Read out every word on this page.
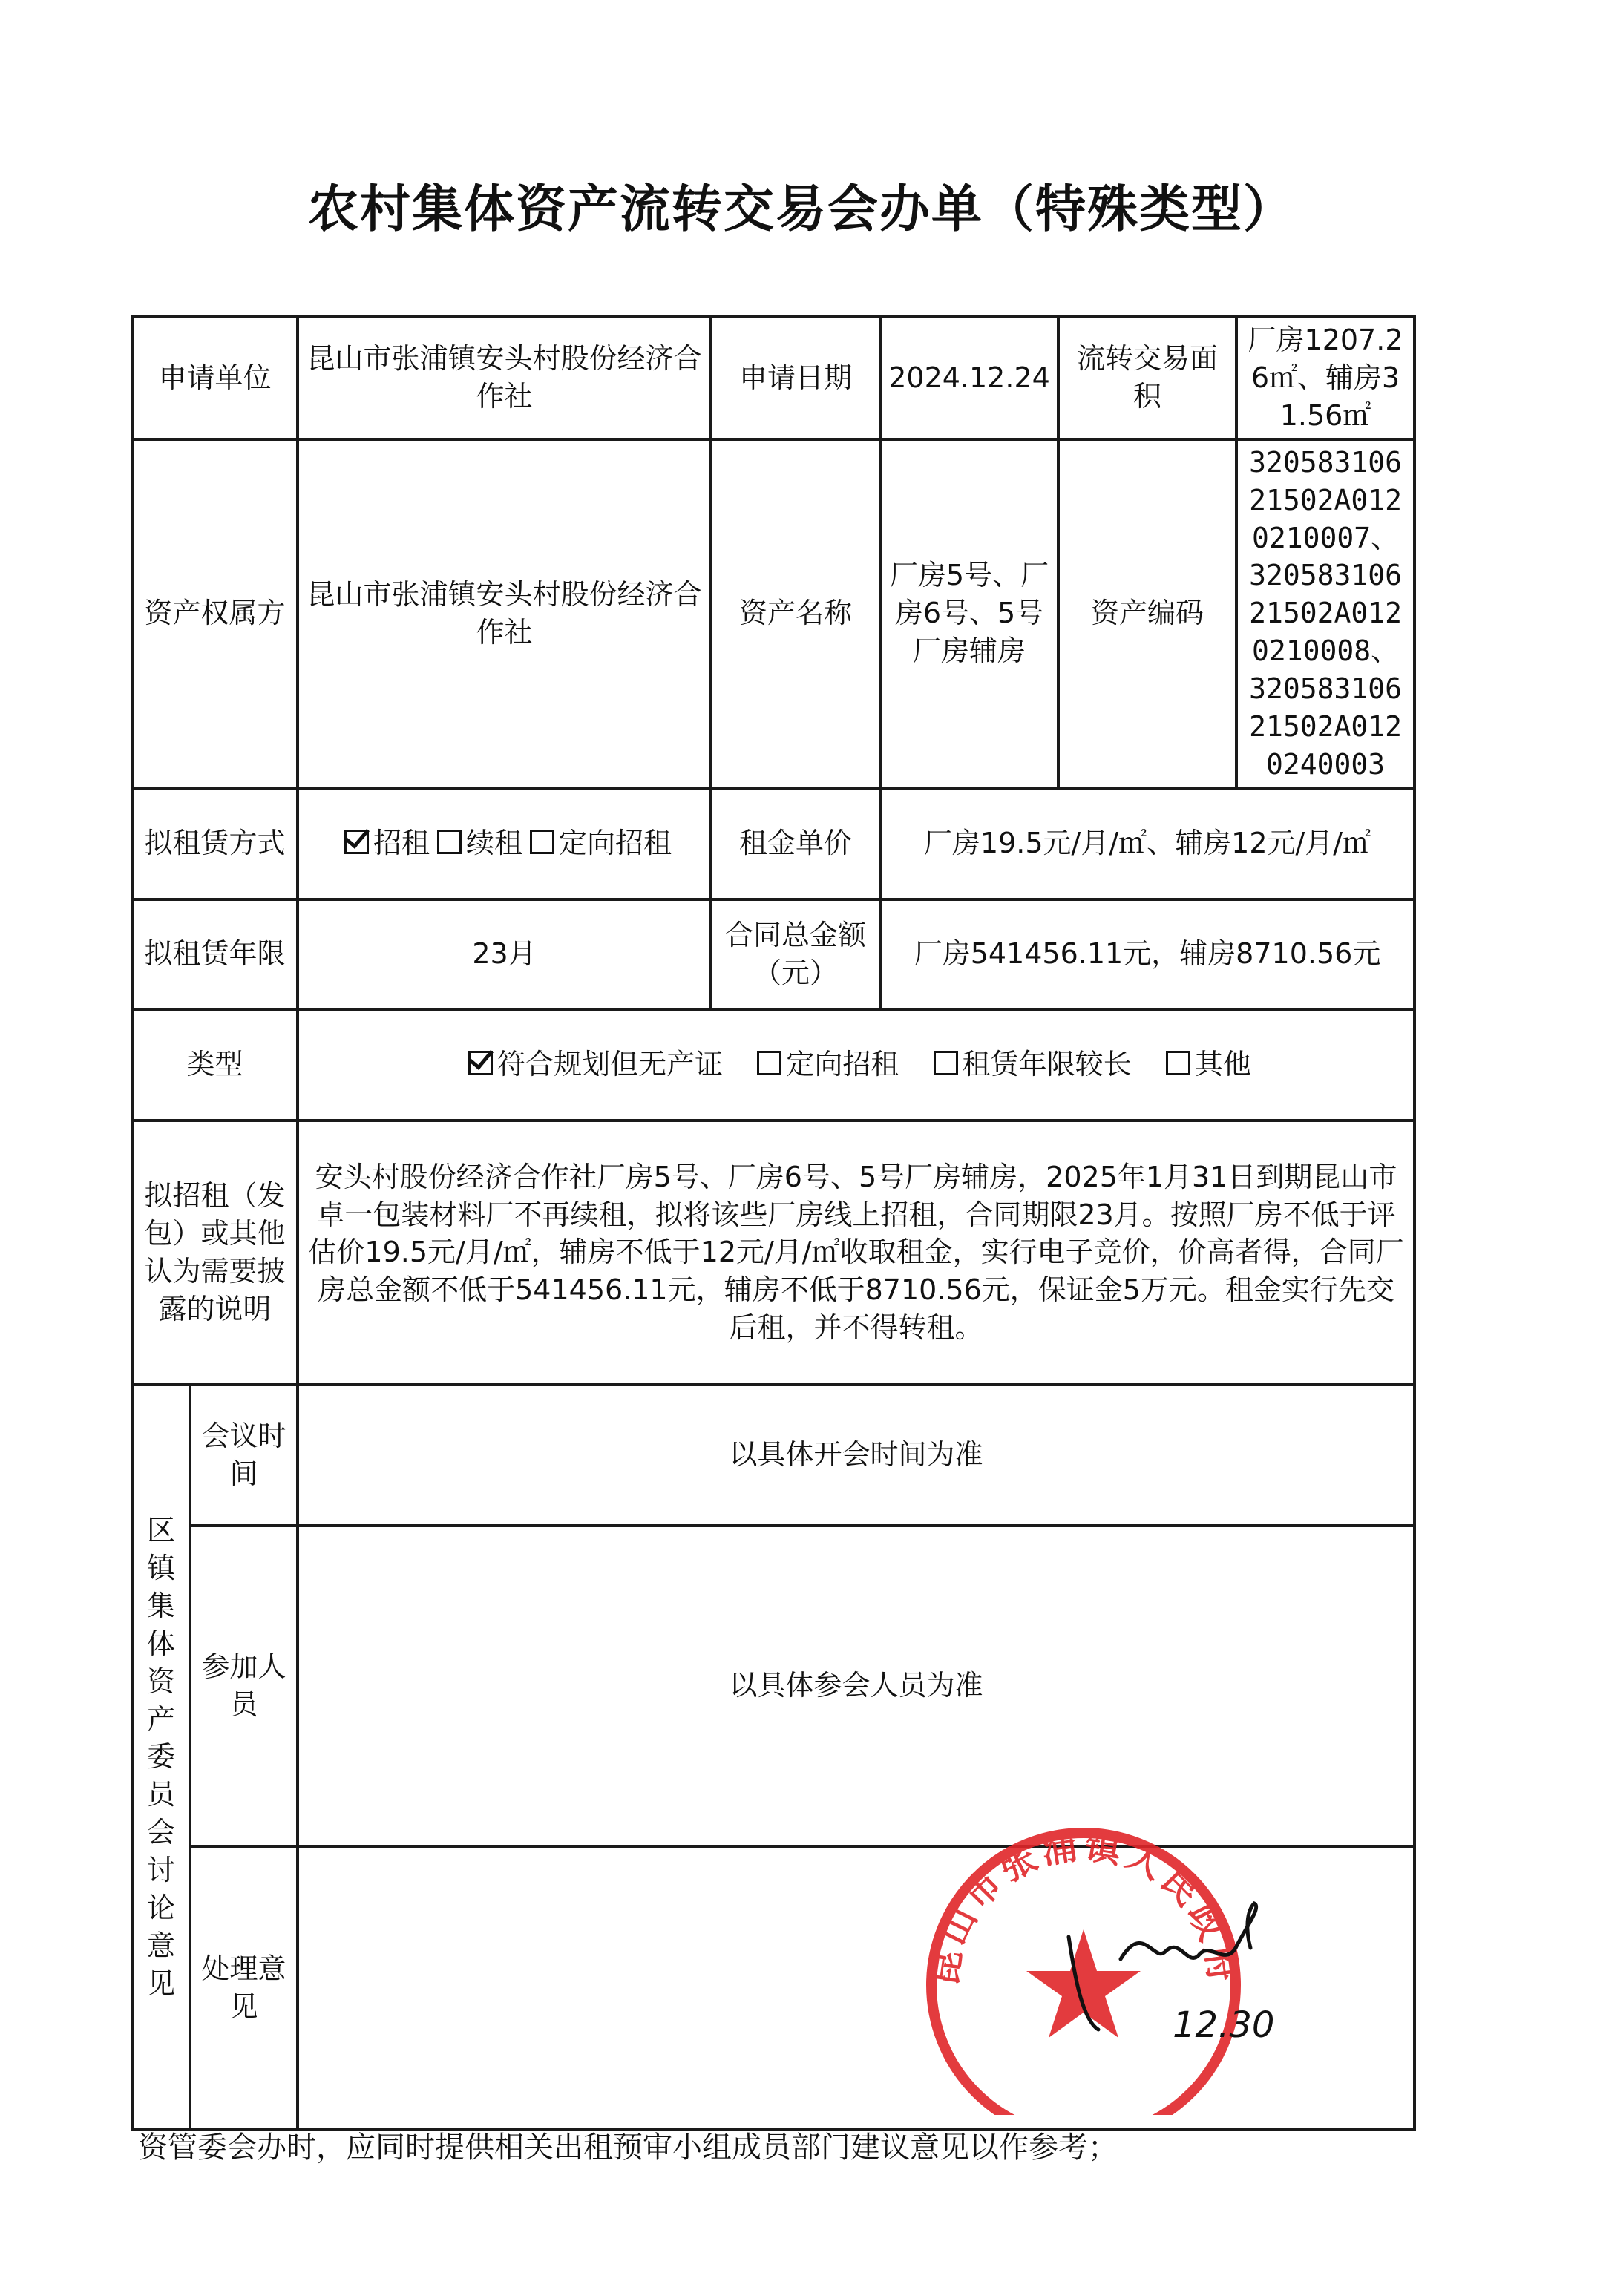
农村集体资产流转交易会办单（特殊类型）
申请单位		昆山市张浦镇安头村股份经济合作社	申请日期	2024.12.24	流转交易面积	厂房1207.26㎡、辅房31.56㎡
资产权属方		昆山市张浦镇安头村股份经济合作社	资产名称	厂房5号、厂房6号、5号厂房辅房	资产编码	32058310621502A0120210007、32058310621502A0120210008、32058310621502A0120240003
拟租赁方式		招租 续租 定向招租	租金单价	厂房19.5元/月/㎡、辅房12元/月/㎡		
拟租赁年限		23月	合同总金额（元）	厂房541456.11元，辅房8710.56元		
类型		符合规划但无产证 定向招租 租赁年限较长 其他				
拟招租（发包）或其他认为需要披露的说明		安头村股份经济合作社厂房5号、厂房6号、5号厂房辅房，2025年1月31日到期昆山市卓一包装材料厂不再续租，拟将该些厂房线上招租，合同期限23月。按照厂房不低于评估价19.5元/月/㎡，辅房不低于12元/月/㎡收取租金，实行电子竞价，价高者得，合同厂房总金额不低于541456.11元，辅房不低于8710.56元，保证金5万元。租金实行先交后租，并不得转租。				
区镇集体资产委员会讨论意见	会议时间	以具体开会时间为准				
	参加人员	以具体参会人员为准				
	处理意见					
昆山市张浦镇人民政府
12.30
资管委会办时，应同时提供相关出租预审小组成员部门建议意见以作参考；
